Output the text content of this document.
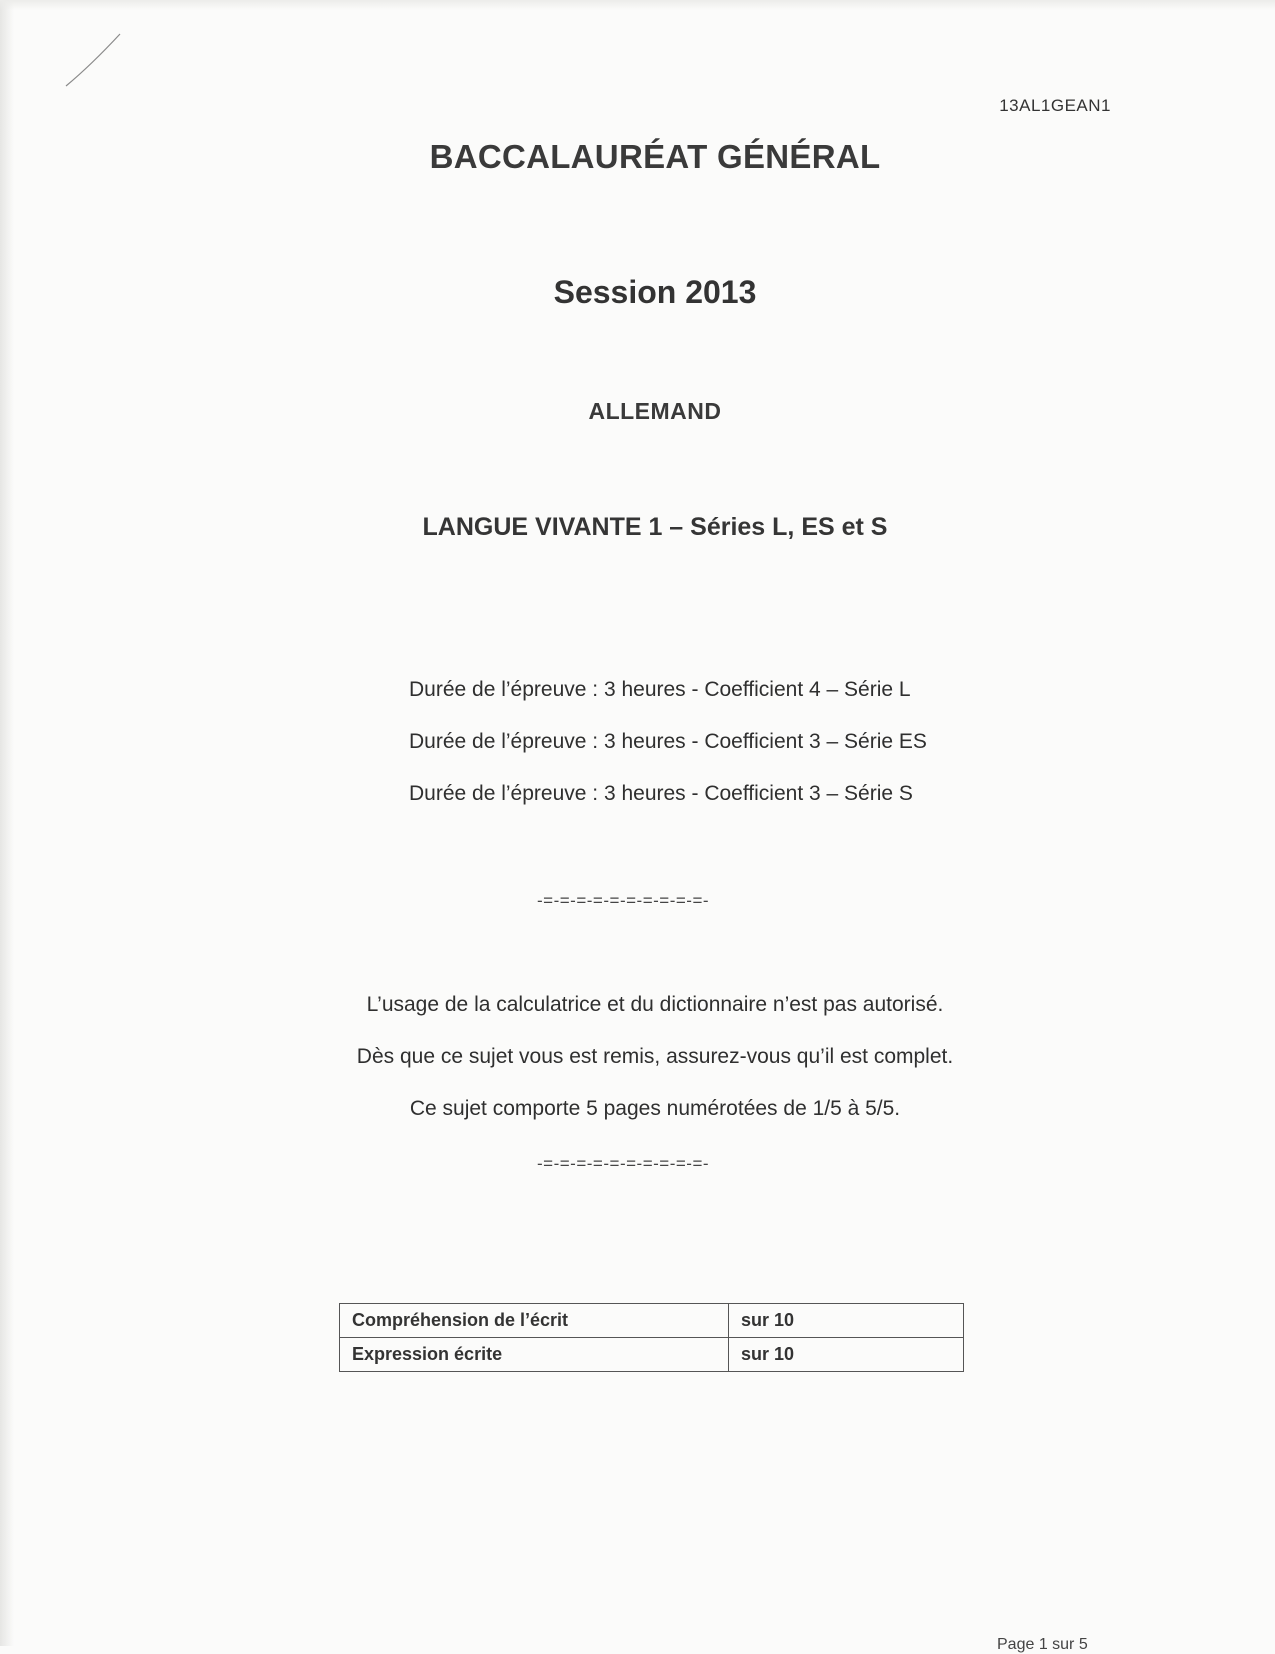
13AL1GEAN1
BACCALAURÉAT GÉNÉRAL
Session 2013
ALLEMAND
LANGUE VIVANTE 1 – Séries L, ES et S
Durée de l’épreuve : 3 heures - Coefficient 4 – Série L
Durée de l’épreuve : 3 heures - Coefficient 3 – Série ES
Durée de l’épreuve : 3 heures - Coefficient 3 – Série S
-=-=-=-=-=-=-=-=-=-=-
L’usage de la calculatrice et du dictionnaire n’est pas autorisé.
Dès que ce sujet vous est remis, assurez-vous qu’il est complet.
Ce sujet comporte 5 pages numérotées de 1/5 à 5/5.
-=-=-=-=-=-=-=-=-=-=-
Compréhension de l’écrit	sur 10
Expression écrite	sur 10
Page 1 sur 5
